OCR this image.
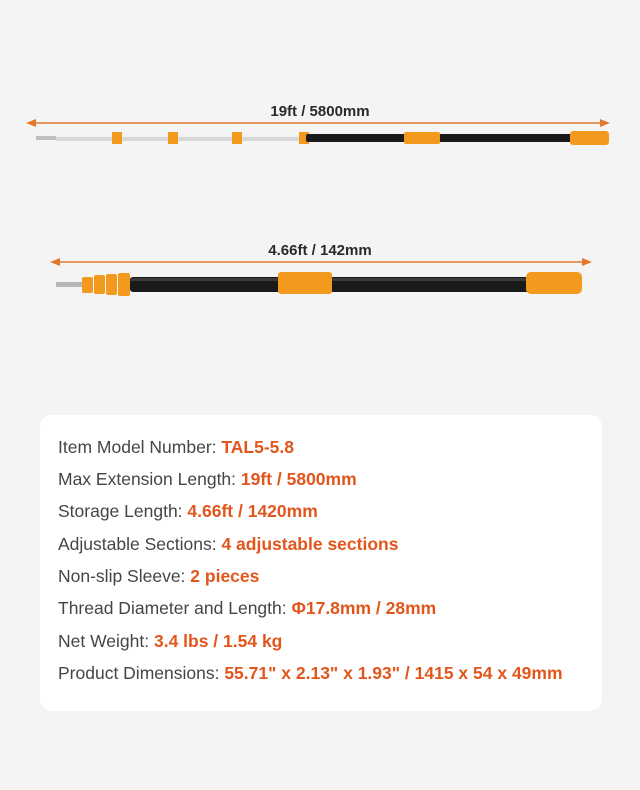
19ft / 5800mm
4.66ft / 142mm
Item Model Number: TAL5-5.8
Max Extension Length: 19ft / 5800mm
Storage Length: 4.66ft / 1420mm
Adjustable Sections: 4 adjustable sections
Non-slip Sleeve: 2 pieces
Thread Diameter and Length: Φ17.8mm / 28mm
Net Weight: 3.4 lbs / 1.54 kg
Product Dimensions: 55.71" x 2.13" x 1.93" / 1415 x 54 x 49mm
